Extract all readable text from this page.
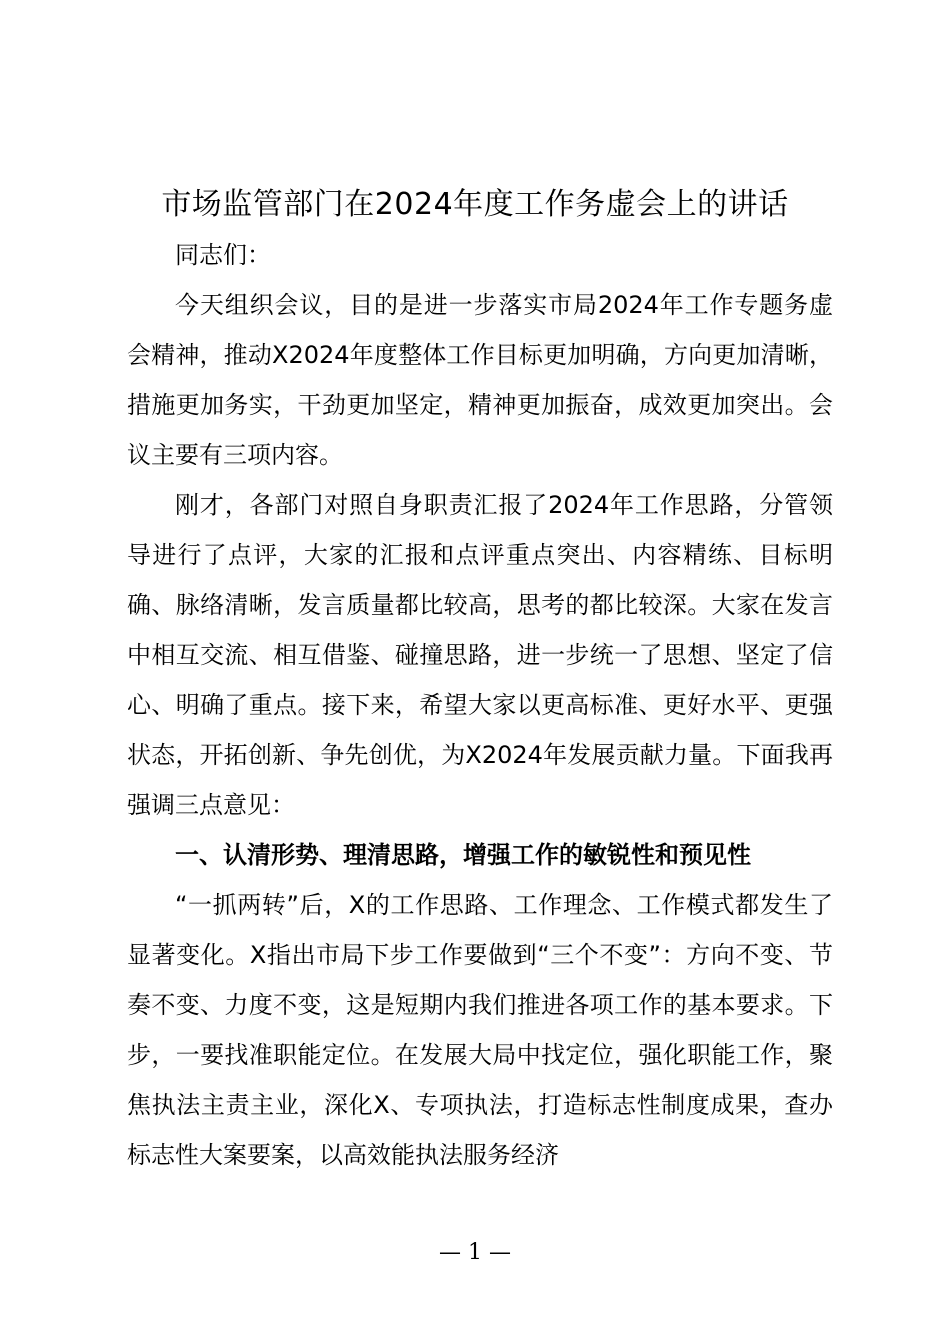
市场监管部门在2024年度工作务虚会上的讲话

同志们：

今天组织会议，目的是进一步落实市局2024年工作专题务虚会精神，推动X2024年度整体工作目标更加明确，方向更加清晰，措施更加务实，干劲更加坚定，精神更加振奋，成效更加突出。会议主要有三项内容。

刚才，各部门对照自身职责汇报了2024年工作思路，分管领导进行了点评，大家的汇报和点评重点突出、内容精练、目标明确、脉络清晰，发言质量都比较高，思考的都比较深。大家在发言中相互交流、相互借鉴、碰撞思路，进一步统一了思想、坚定了信心、明确了重点。接下来，希望大家以更高标准、更好水平、更强状态，开拓创新、争先创优，为X2024年发展贡献力量。下面我再强调三点意见：

一、认清形势、理清思路，增强工作的敏锐性和预见性

“一抓两转”后，X的工作思路、工作理念、工作模式都发生了显著变化。X指出市局下步工作要做到“三个不变”：方向不变、节奏不变、力度不变，这是短期内我们推进各项工作的基本要求。下步，一要找准职能定位。在发展大局中找定位，强化职能工作，聚焦执法主责主业，深化X、专项执法，打造标志性制度成果，查办标志性大案要案，以高效能执法服务经济

— 1 —
